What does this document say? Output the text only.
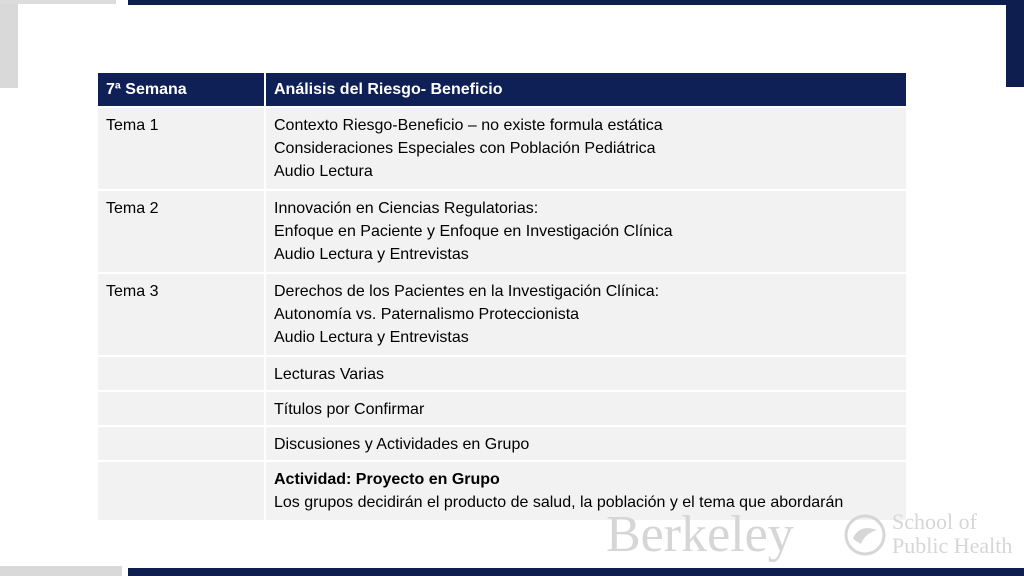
7ª Semana	Análisis del Riesgo- Beneficio
Tema 1	Contexto Riesgo-Beneficio – no existe formula estática
Consideraciones Especiales con Población Pediátrica
Audio Lectura

Tema 2	Innovación en Ciencias Regulatorias:
Enfoque en Paciente y Enfoque en Investigación Clínica
Audio Lectura y Entrevistas

Tema 3	Derechos de los Pacientes en la Investigación Clínica:
Autonomía vs. Paternalismo Proteccionista
Audio Lectura y Entrevistas

	Lecturas Varias

	Títulos por Confirmar

	Discusiones y Actividades en Grupo

	Actividad: Proyecto en Grupo
Los grupos decidirán el producto de salud, la población y el tema que abordarán
Berkeley	School of
Public Health
